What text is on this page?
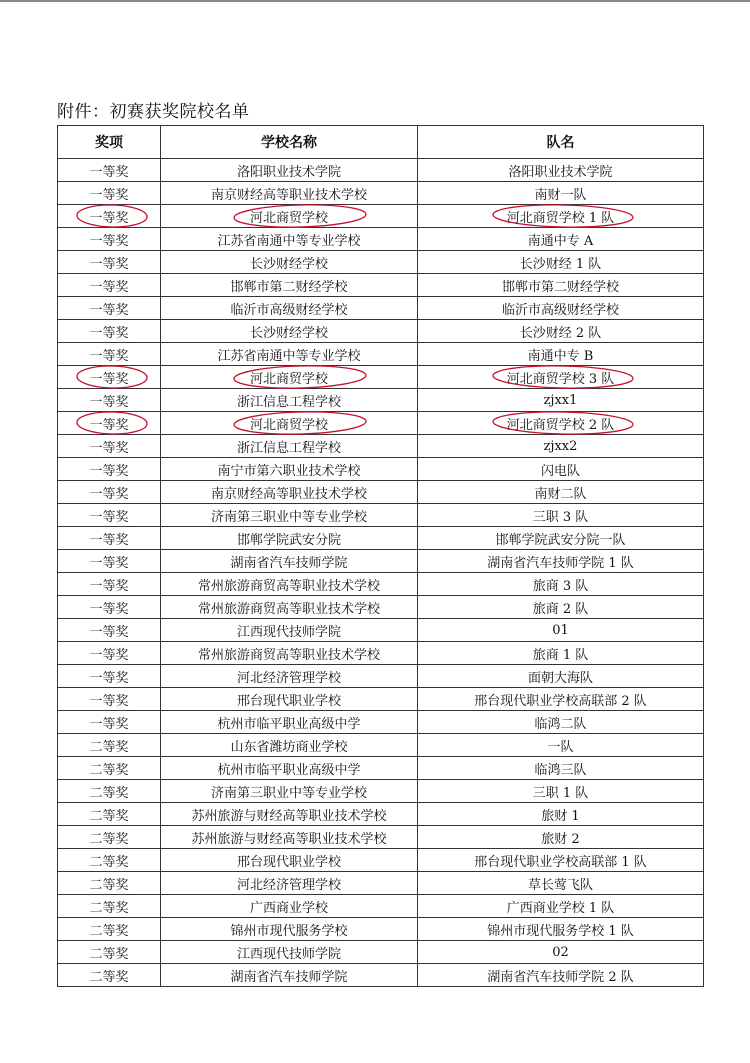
附件：初赛获奖院校名单
奖项	学校名称	队名
一等奖	洛阳职业技术学院	洛阳职业技术学院
一等奖	南京财经高等职业技术学校	南财一队
一等奖	河北商贸学校	河北商贸学校 1 队
一等奖	江苏省南通中等专业学校	南通中专 A
一等奖	长沙财经学校	长沙财经 1 队
一等奖	邯郸市第二财经学校	邯郸市第二财经学校
一等奖	临沂市高级财经学校	临沂市高级财经学校
一等奖	长沙财经学校	长沙财经 2 队
一等奖	江苏省南通中等专业学校	南通中专 B
一等奖	河北商贸学校	河北商贸学校 3 队
一等奖	浙江信息工程学校	zjxx1
一等奖	河北商贸学校	河北商贸学校 2 队
一等奖	浙江信息工程学校	zjxx2
一等奖	南宁市第六职业技术学校	闪电队
一等奖	南京财经高等职业技术学校	南财二队
一等奖	济南第三职业中等专业学校	三职 3 队
一等奖	邯郸学院武安分院	邯郸学院武安分院一队
一等奖	湖南省汽车技师学院	湖南省汽车技师学院 1 队
一等奖	常州旅游商贸高等职业技术学校	旅商 3 队
一等奖	常州旅游商贸高等职业技术学校	旅商 2 队
一等奖	江西现代技师学院	01
一等奖	常州旅游商贸高等职业技术学校	旅商 1 队
一等奖	河北经济管理学校	面朝大海队
一等奖	邢台现代职业学校	邢台现代职业学校高联部 2 队
一等奖	杭州市临平职业高级中学	临鸿二队
二等奖	山东省潍坊商业学校	一队
二等奖	杭州市临平职业高级中学	临鸿三队
二等奖	济南第三职业中等专业学校	三职 1 队
二等奖	苏州旅游与财经高等职业技术学校	旅财 1
二等奖	苏州旅游与财经高等职业技术学校	旅财 2
二等奖	邢台现代职业学校	邢台现代职业学校高联部 1 队
二等奖	河北经济管理学校	草长莺飞队
二等奖	广西商业学校	广西商业学校 1 队
二等奖	锦州市现代服务学校	锦州市现代服务学校 1 队
二等奖	江西现代技师学院	02
二等奖	湖南省汽车技师学院	湖南省汽车技师学院 2 队
